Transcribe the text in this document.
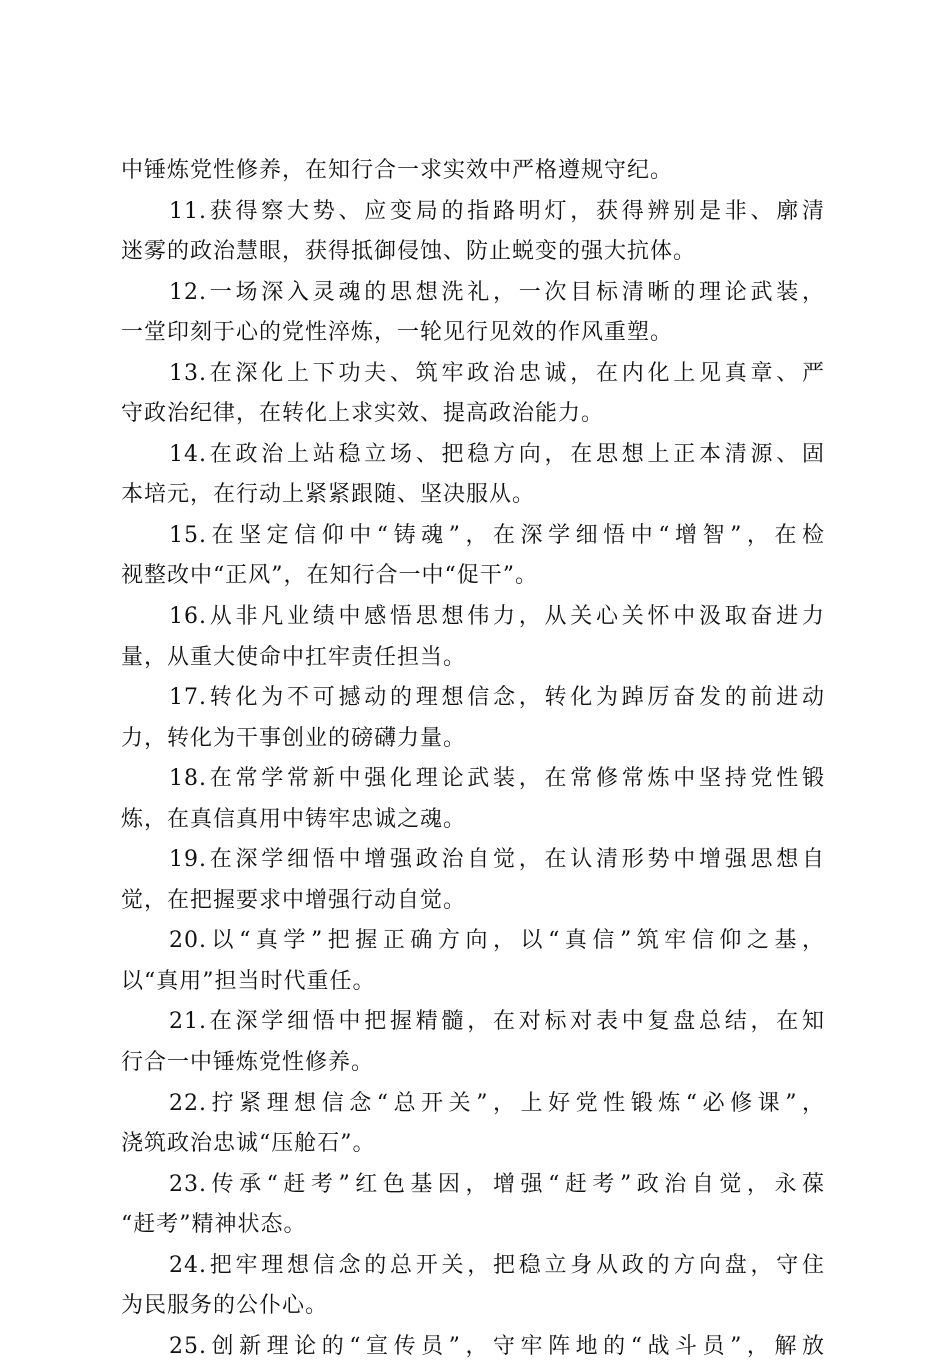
中锤炼党性修养，在知行合一求实效中严格遵规守纪。
11.获得察大势、应变局的指路明灯，获得辨别是非、廓清
迷雾的政治慧眼，获得抵御侵蚀、防止蜕变的强大抗体。
12.一场深入灵魂的思想洗礼，一次目标清晰的理论武装，
一堂印刻于心的党性淬炼，一轮见行见效的作风重塑。
13.在深化上下功夫、筑牢政治忠诚，在内化上见真章、严
守政治纪律，在转化上求实效、提高政治能力。
14.在政治上站稳立场、把稳方向，在思想上正本清源、固
本培元，在行动上紧紧跟随、坚决服从。
15.在坚定信仰中“铸魂”，在深学细悟中“增智”，在检
视整改中“正风”，在知行合一中“促干”。
16.从非凡业绩中感悟思想伟力，从关心关怀中汲取奋进力
量，从重大使命中扛牢责任担当。
17.转化为不可撼动的理想信念，转化为踔厉奋发的前进动
力，转化为干事创业的磅礴力量。
18.在常学常新中强化理论武装，在常修常炼中坚持党性锻
炼，在真信真用中铸牢忠诚之魂。
19.在深学细悟中增强政治自觉，在认清形势中增强思想自
觉，在把握要求中增强行动自觉。
20.以“真学”把握正确方向，以“真信”筑牢信仰之基，
以“真用”担当时代重任。
21.在深学细悟中把握精髓，在对标对表中复盘总结，在知
行合一中锤炼党性修养。
22.拧紧理想信念“总开关”，上好党性锻炼“必修课”，
浇筑政治忠诚“压舱石”。
23.传承“赶考”红色基因，增强“赶考”政治自觉，永葆
“赶考”精神状态。
24.把牢理想信念的总开关，把稳立身从政的方向盘，守住
为民服务的公仆心。
25.创新理论的“宣传员”，守牢阵地的“战斗员”，解放
